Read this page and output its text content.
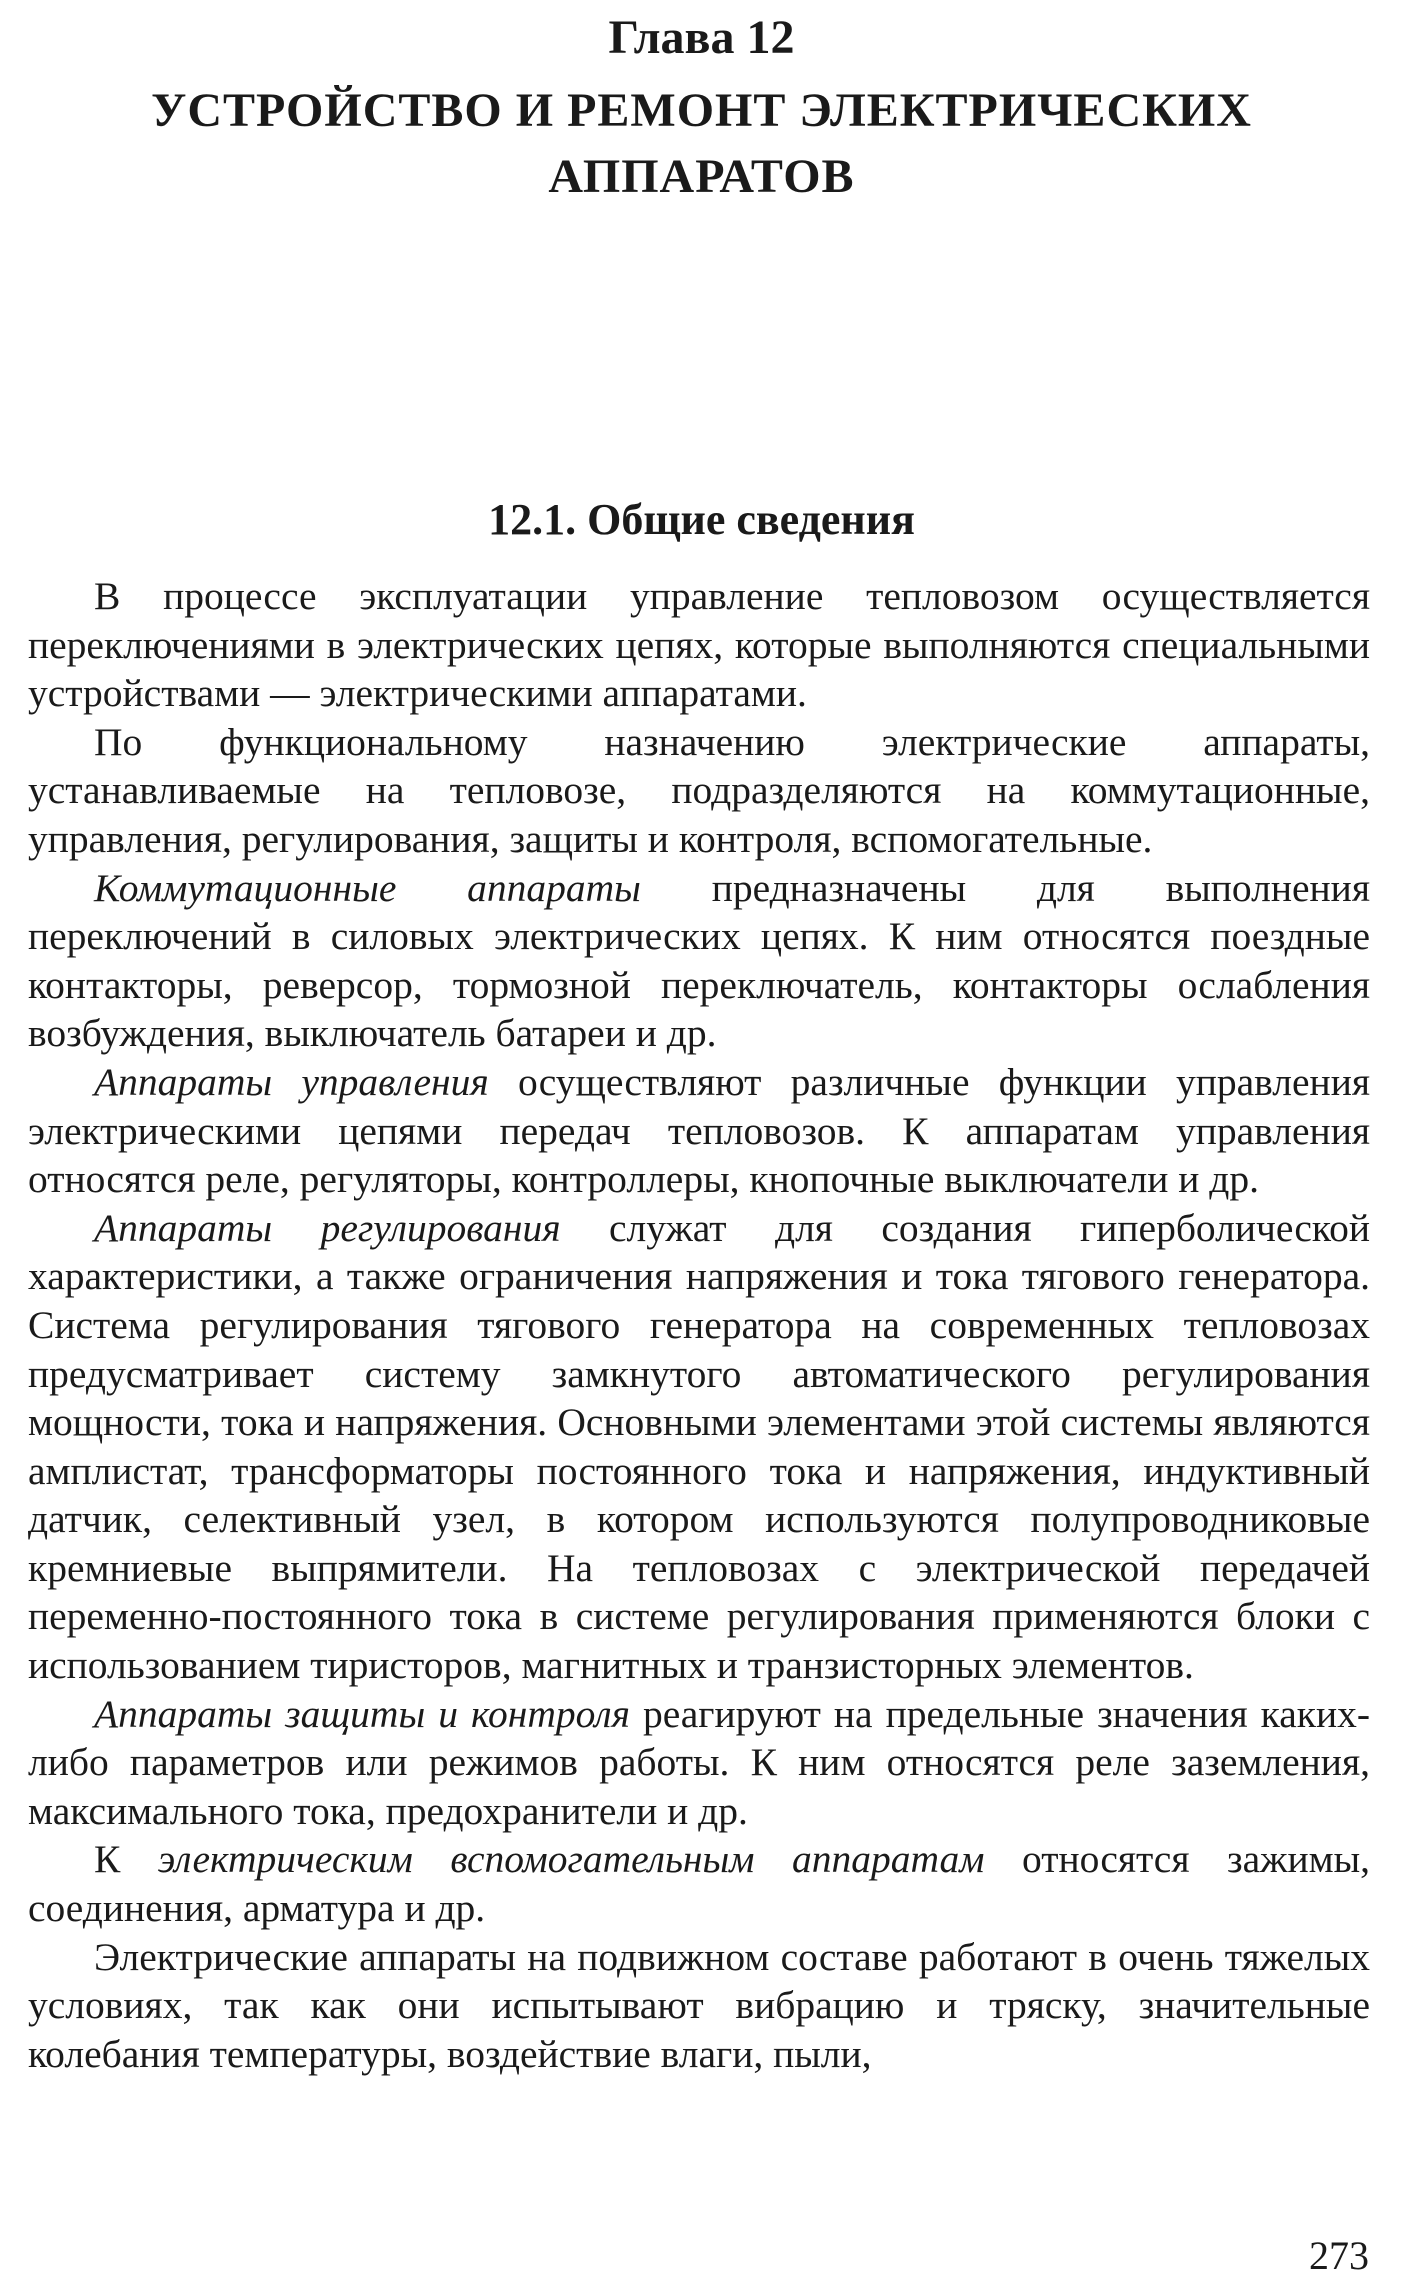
Глава 12
УСТРОЙСТВО И РЕМОНТ ЭЛЕКТРИЧЕСКИХ
АППАРАТОВ
12.1. Общие сведения

В процессе эксплуатации управление тепловозом осуществляется переключениями в электрических цепях, которые выполняются специальными устройствами — электрическими аппаратами.

По функциональному назначению электрические аппараты, устанавливаемые на тепловозе, подразделяются на коммутационные, управления, регулирования, защиты и контроля, вспомогательные.

Коммутационные аппараты предназначены для выполнения переключений в силовых электрических цепях. К ним относятся поездные контакторы, реверсор, тормозной переключатель, контакторы ослабления возбуждения, выключатель батареи и др.

Аппараты управления осуществляют различные функции управления электрическими цепями передач тепловозов. К аппаратам управления относятся реле, регуляторы, контроллеры, кнопочные выключатели и др.

Аппараты регулирования служат для создания гиперболической характеристики, а также ограничения напряжения и тока тягового генератора. Система регулирования тягового генератора на современных тепловозах предусматривает систему замкнутого автоматического регулирования мощности, тока и напряжения. Основными элементами этой системы являются амплистат, трансформаторы постоянного тока и напряжения, индуктивный датчик, селективный узел, в котором используются полупроводниковые кремниевые выпрямители. На тепловозах с электрической передачей переменно-постоянного тока в системе регулирования применяются блоки с использованием тиристоров, магнитных и транзисторных элементов.

Аппараты защиты и контроля реагируют на предельные значения каких-либо параметров или режимов работы. К ним относятся реле заземления, максимального тока, предохранители и др.

К электрическим вспомогательным аппаратам относятся зажимы, соединения, арматура и др.

Электрические аппараты на подвижном составе работают в очень тяжелых условиях, так как они испытывают вибрацию и тряску, значительные колебания температуры, воздействие влаги, пыли,

273
